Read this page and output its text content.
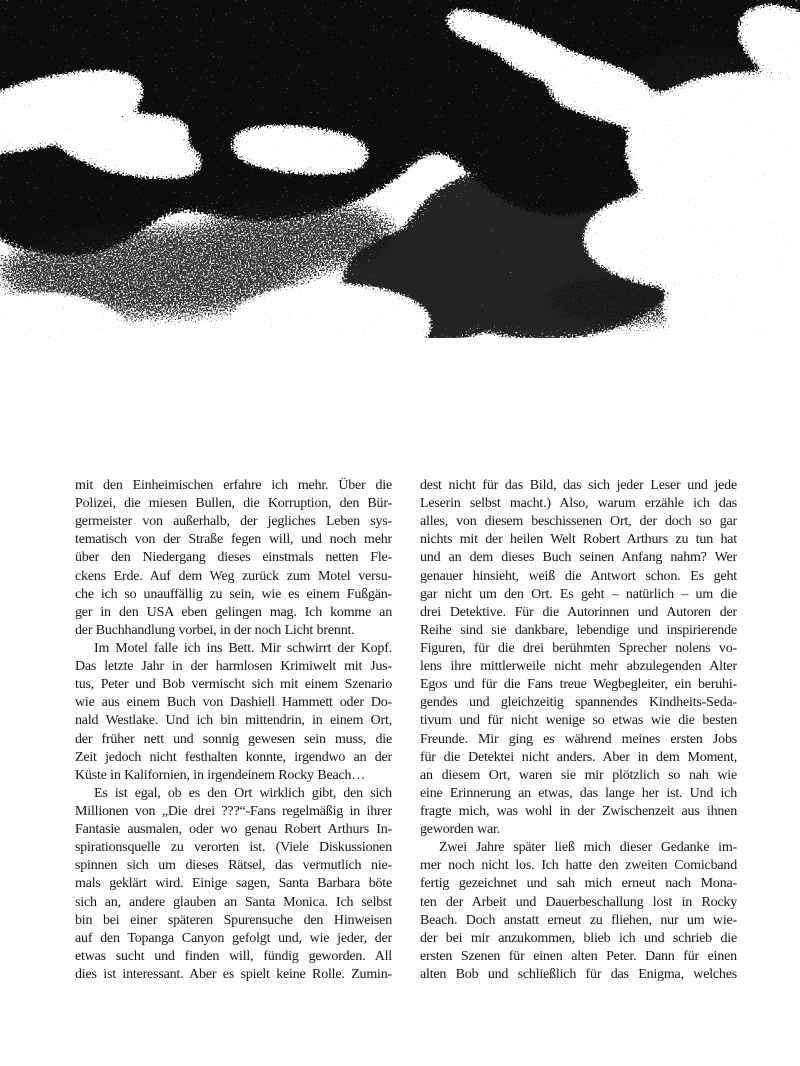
mit den Einheimischen erfahre ich mehr. Über die
Polizei, die miesen Bullen, die Korruption, den Bür-
germeister von außerhalb, der jegliches Leben sys-
tematisch von der Straße fegen will, und noch mehr
über den Niedergang dieses einstmals netten Fle-
ckens Erde. Auf dem Weg zurück zum Motel versu-
che ich so unauffällig zu sein, wie es einem Fußgän-
ger in den USA eben gelingen mag. Ich komme an
der Buchhandlung vorbei, in der noch Licht brennt.
Im Motel falle ich ins Bett. Mir schwirrt der Kopf.
Das letzte Jahr in der harmlosen Krimiwelt mit Jus-
tus, Peter und Bob vermischt sich mit einem Szenario
wie aus einem Buch von Dashiell Hammett oder Do-
nald Westlake. Und ich bin mittendrin, in einem Ort,
der früher nett und sonnig gewesen sein muss, die
Zeit jedoch nicht festhalten konnte, irgendwo an der
Küste in Kalifornien, in irgendeinem Rocky Beach…
Es ist egal, ob es den Ort wirklich gibt, den sich
Millionen von „Die drei ???“-Fans regelmäßig in ihrer
Fantasie ausmalen, oder wo genau Robert Arthurs In-
spirationsquelle zu verorten ist. (Viele Diskussionen
spinnen sich um dieses Rätsel, das vermutlich nie-
mals geklärt wird. Einige sagen, Santa Barbara böte
sich an, andere glauben an Santa Monica. Ich selbst
bin bei einer späteren Spurensuche den Hinweisen
auf den Topanga Canyon gefolgt und, wie jeder, der
etwas sucht und finden will, fündig geworden. All
dies ist interessant. Aber es spielt keine Rolle. Zumin-
dest nicht für das Bild, das sich jeder Leser und jede
Leserin selbst macht.) Also, warum erzähle ich das
alles, von diesem beschissenen Ort, der doch so gar
nichts mit der heilen Welt Robert Arthurs zu tun hat
und an dem dieses Buch seinen Anfang nahm? Wer
genauer hinsieht, weiß die Antwort schon. Es geht
gar nicht um den Ort. Es geht – natürlich – um die
drei Detektive. Für die Autorinnen und Autoren der
Reihe sind sie dankbare, lebendige und inspirierende
Figuren, für die drei berühmten Sprecher nolens vo-
lens ihre mittlerweile nicht mehr abzulegenden Alter
Egos und für die Fans treue Wegbegleiter, ein beruhi-
gendes und gleichzeitig spannendes Kindheits-Seda-
tivum und für nicht wenige so etwas wie die besten
Freunde. Mir ging es während meines ersten Jobs
für die Detektei nicht anders. Aber in dem Moment,
an diesem Ort, waren sie mir plötzlich so nah wie
eine Erinnerung an etwas, das lange her ist. Und ich
fragte mich, was wohl in der Zwischenzeit aus ihnen
geworden war.
Zwei Jahre später ließ mich dieser Gedanke im-
mer noch nicht los. Ich hatte den zweiten Comicband
fertig gezeichnet und sah mich erneut nach Mona-
ten der Arbeit und Dauerbeschallung lost in Rocky
Beach. Doch anstatt erneut zu fliehen, nur um wie-
der bei mir anzukommen, blieb ich und schrieb die
ersten Szenen für einen alten Peter. Dann für einen
alten Bob und schließlich für das Enigma, welches
